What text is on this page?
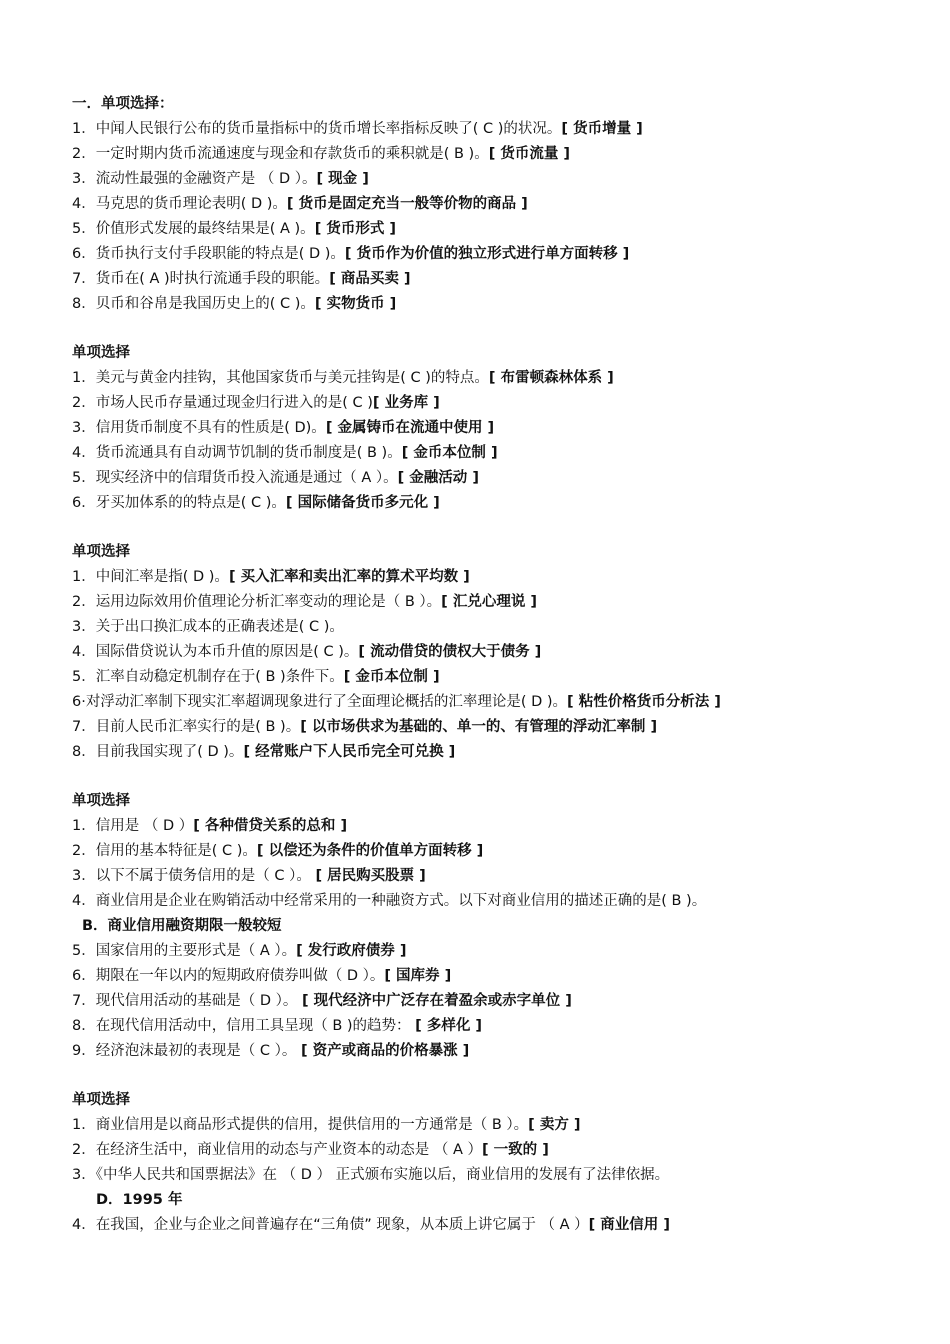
一．单项选择：
1．中闻人民银行公布的货币量指标中的货币增长率指标反映了( C )的状况。[ 货币增量 ]
2．一定时期内货币流通速度与现金和存款货币的乘积就是( B )。[ 货币流量 ]
3．流动性最强的金融资产是 （ D ）。[ 现金 ]
4．马克思的货币理论表明( D )。[ 货币是固定充当一般等价物的商品 ]
5．价值形式发展的最终结果是( A )。[ 货币形式 ]
6．货币执行支付手段职能的特点是( D )。[ 货币作为价值的独立形式进行单方面转移 ]
7．货币在( A )时执行流通手段的职能。[ 商品买卖 ]
8．贝币和谷帛是我国历史上的( C )。[ 实物货币 ]
单项选择
1．美元与黄金内挂钩，其他国家货币与美元挂钩是( C )的特点。[ 布雷顿森林体系 ]
2．市场人民币存量通过现金归行进入的是( C )[ 业务库 ]
3．信用货币制度不具有的性质是( D)。[ 金属铸币在流通中使用 ]
4．货币流通具有自动调节饥制的货币制度是( B )。[ 金币本位制 ]
5．现实经济中的信瑁货币投入流通是通过（ A ）。[ 金融活动 ]
6．牙买加体系的的特点是( C )。[ 国际储备货币多元化 ]
单项选择
1．中间汇率是指( D )。[ 买入汇率和卖出汇率的算术平均数 ]
2．运用边际效用价值理论分析汇率变动的理论是（ B ）。[ 汇兑心理说 ]
3．关于出口换汇成本的正确表述是( C )。
4．国际借贷说认为本币升值的原因是( C )。[ 流动借贷的债权大于债务 ]
5．汇率自动稳定机制存在于( B )条件下。[ 金币本位制 ]
6·对浮动汇率制下现实汇率超调现象进行了全面理论概括的汇率理论是( D )。[ 粘性价格货币分析法 ]
7．目前人民币汇率实行的是( B )。[ 以市场供求为基础的、单一的、有管理的浮动汇率制 ]
8．目前我国实现了( D )。[ 经常账户下人民币完全可兑换 ]
单项选择
1．信用是 （ D ）[ 各种借贷关系的总和 ]
2．信用的基本特征是( C )。[ 以偿还为条件的价值单方面转移 ]
3．以下不属于债务信用的是（ C ）。 [ 居民购买股票 ]
4．商业信用是企业在购销活动中经常采用的一种融资方式。以下对商业信用的描述正确的是( B )。
B．商业信用融资期限一般较短
5．国家信用的主要形式是（ A ）。[ 发行政府债券 ]
6．期限在一年以内的短期政府债券叫做（ D ）。[ 国库券 ]
7．现代信用活动的基础是（ D ）。 [ 现代经济中广泛存在着盈余或赤字单位 ]
8．在现代信用活动中，信用工具呈现（ B )的趋势： [ 多样化 ]
9．经济泡沫最初的表现是（ C ）。 [ 资产或商品的价格暴涨 ]
单项选择
1．商业信用是以商品形式提供的信用，提供信用的一方通常是（ B ）。[ 卖方 ]
2．在经济生活中，商业信用的动态与产业资本的动态是 （ A ）[ 一致的 ]
3．《中华人民共和国票据法》在 （ D ） 正式颁布实施以后，商业信用的发展有了法律依据。
D．1995 年
4．在我国，企业与企业之间普遍存在“三角债” 现象，从本质上讲它属于 （ A ）[ 商业信用 ]
